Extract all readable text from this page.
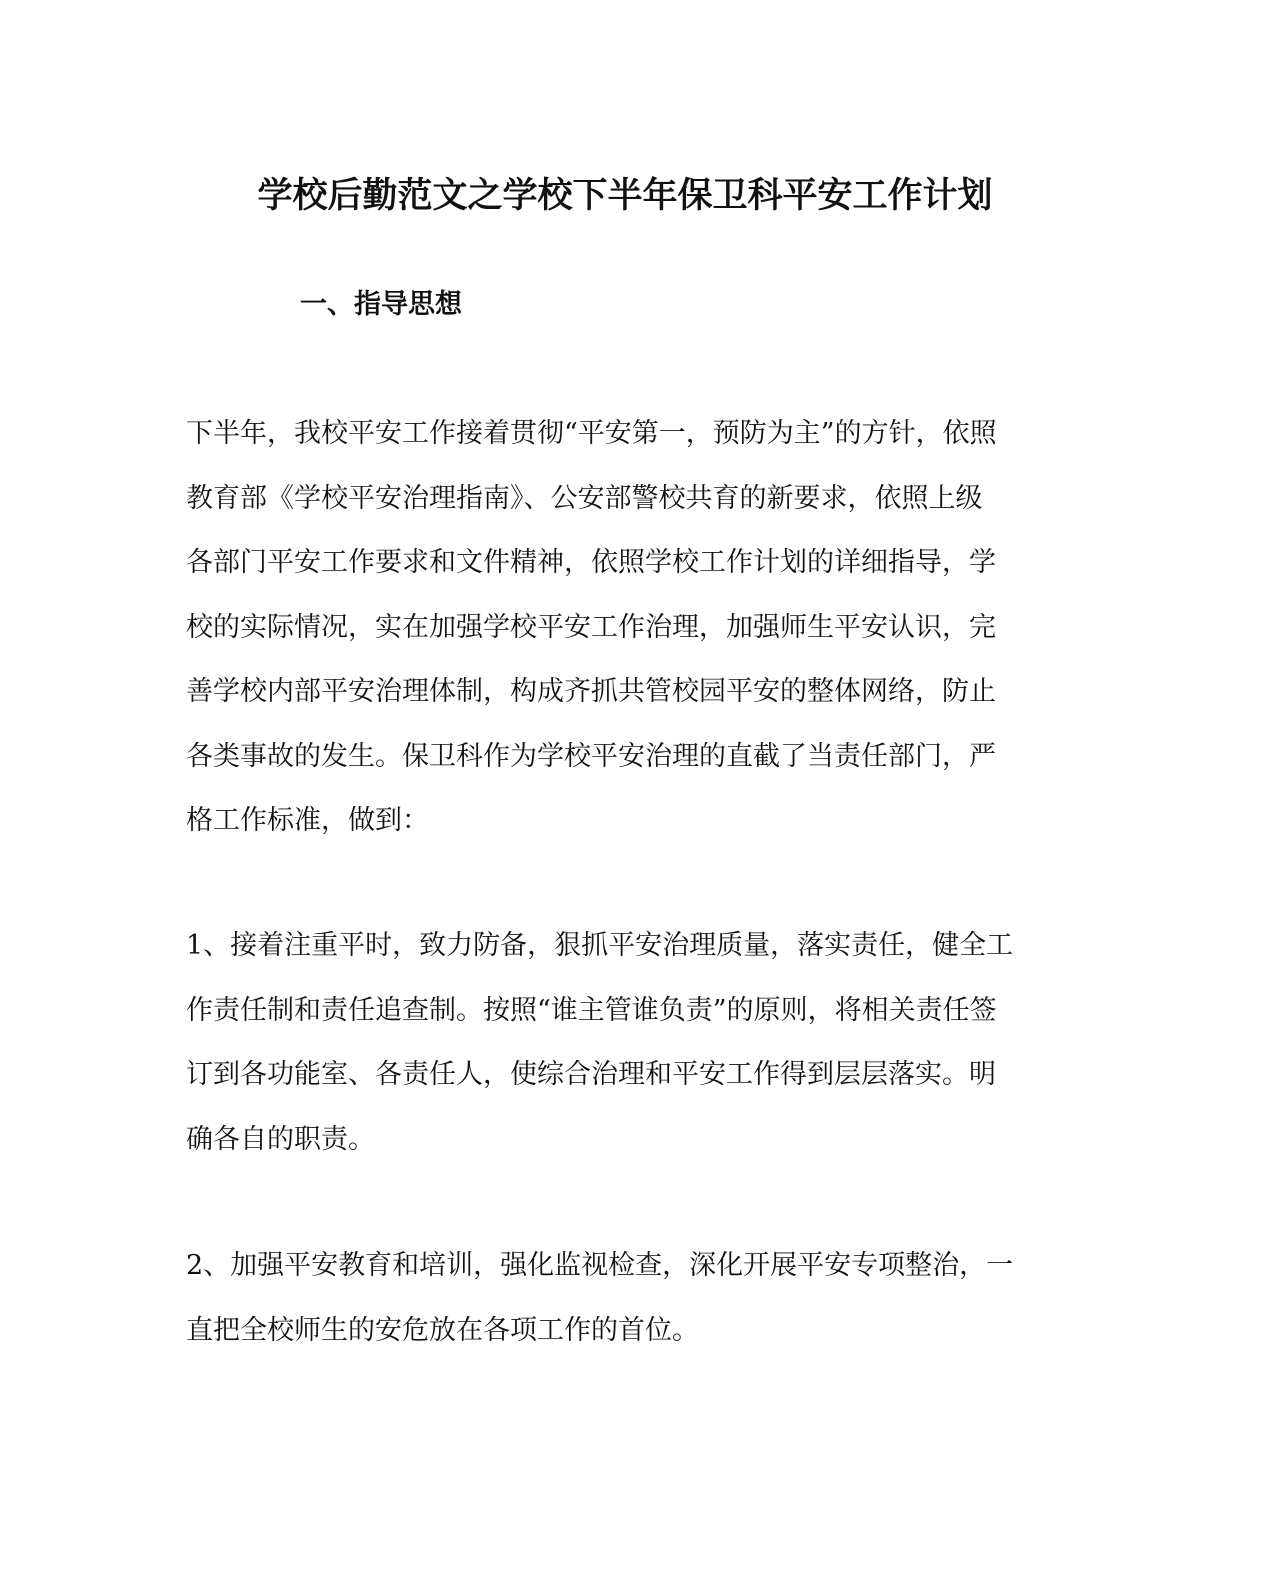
学校后勤范文之学校下半年保卫科平安工作计划
一、指导思想
下半年，我校平安工作接着贯彻“平安第一，预防为主”的方针，依照
教育部《学校平安治理指南》、公安部警校共育的新要求，依照上级
各部门平安工作要求和文件精神，依照学校工作计划的详细指导，学
校的实际情况，实在加强学校平安工作治理，加强师生平安认识，完
善学校内部平安治理体制，构成齐抓共管校园平安的整体网络，防止
各类事故的发生。保卫科作为学校平安治理的直截了当责任部门，严
格工作标准，做到：
1、接着注重平时，致力防备，狠抓平安治理质量，落实责任，健全工
作责任制和责任追查制。按照“谁主管谁负责”的原则，将相关责任签
订到各功能室、各责任人，使综合治理和平安工作得到层层落实。明
确各自的职责。
2、加强平安教育和培训，强化监视检查，深化开展平安专项整治，一
直把全校师生的安危放在各项工作的首位。
